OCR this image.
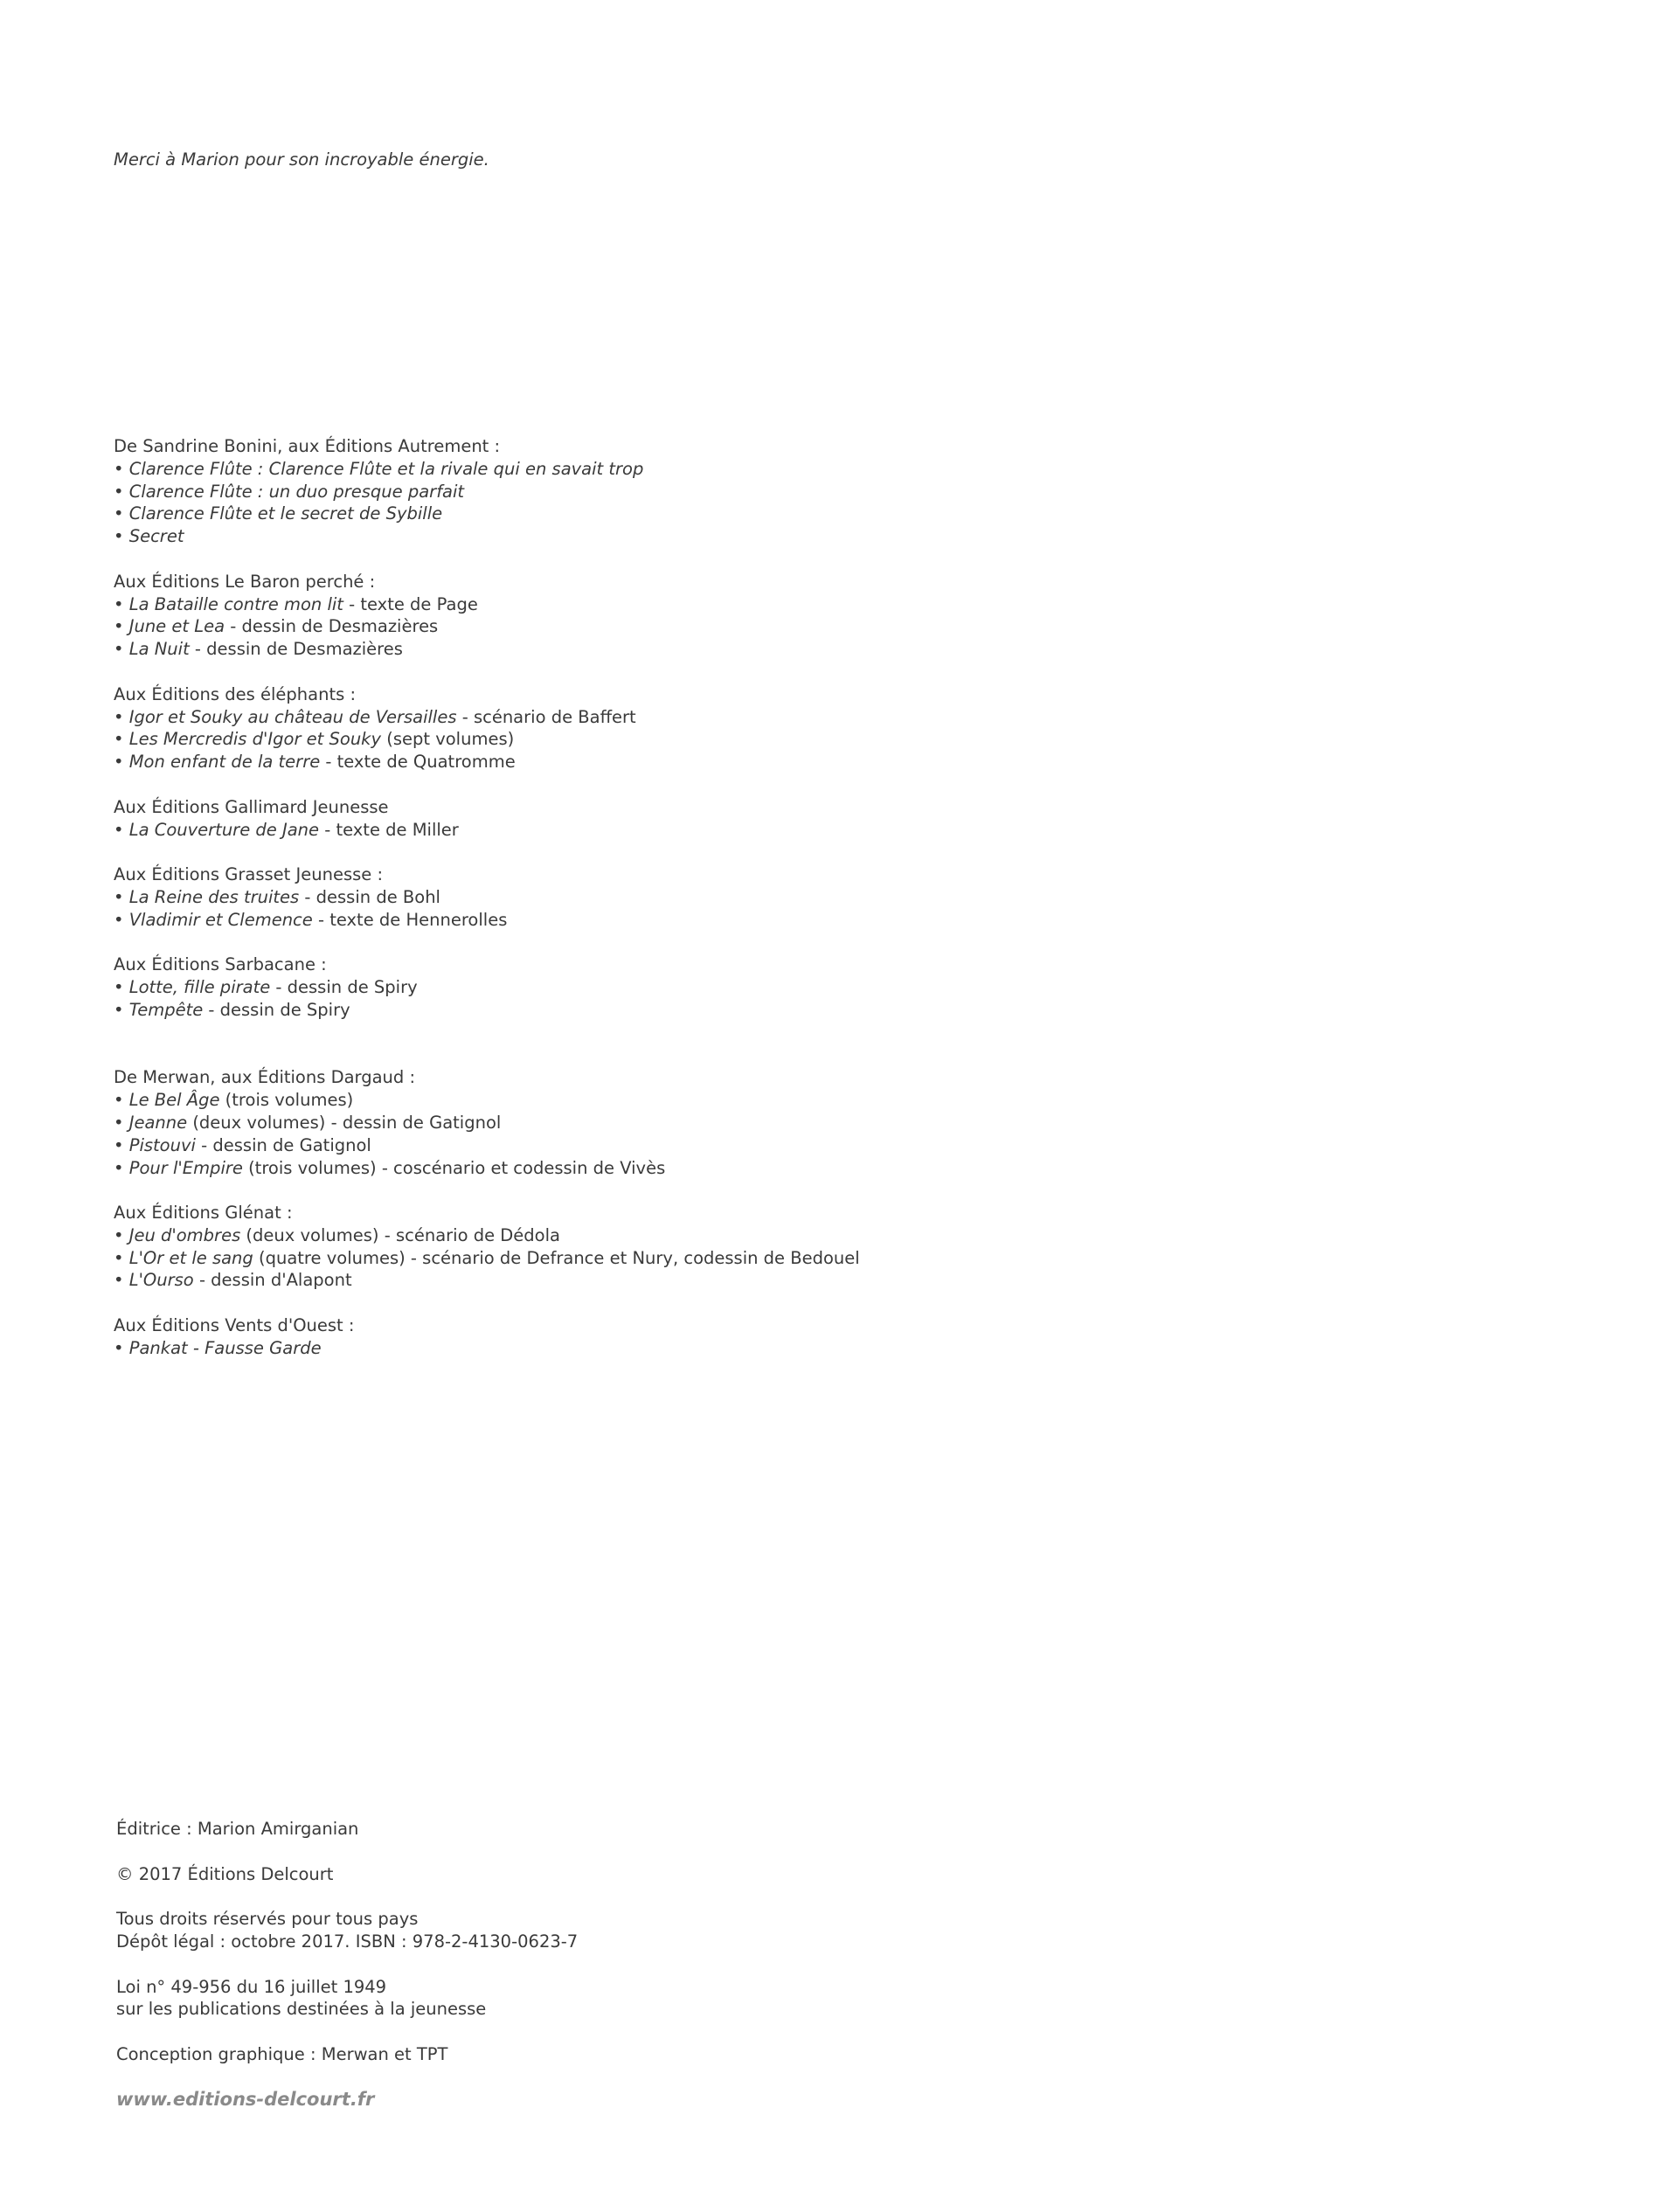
Merci à Marion pour son incroyable énergie.
De Sandrine Bonini, aux Éditions Autrement :
• Clarence Flûte : Clarence Flûte et la rivale qui en savait trop
• Clarence Flûte : un duo presque parfait
• Clarence Flûte et le secret de Sybille
• Secret
Aux Éditions Le Baron perché :
• La Bataille contre mon lit - texte de Page
• June et Lea - dessin de Desmazières
• La Nuit - dessin de Desmazières
Aux Éditions des éléphants :
• Igor et Souky au château de Versailles - scénario de Baffert
• Les Mercredis d'Igor et Souky (sept volumes)
• Mon enfant de la terre - texte de Quatromme
Aux Éditions Gallimard Jeunesse
• La Couverture de Jane - texte de Miller
Aux Éditions Grasset Jeunesse :
• La Reine des truites - dessin de Bohl
• Vladimir et Clemence - texte de Hennerolles
Aux Éditions Sarbacane :
• Lotte, fille pirate - dessin de Spiry
• Tempête - dessin de Spiry
De Merwan, aux Éditions Dargaud :
• Le Bel Âge (trois volumes)
• Jeanne (deux volumes) - dessin de Gatignol
• Pistouvi - dessin de Gatignol
• Pour l'Empire (trois volumes) - coscénario et codessin de Vivès
Aux Éditions Glénat :
• Jeu d'ombres (deux volumes) - scénario de Dédola
• L'Or et le sang (quatre volumes) - scénario de Defrance et Nury, codessin de Bedouel
• L'Ourso - dessin d'Alapont
Aux Éditions Vents d'Ouest :
• Pankat - Fausse Garde
Éditrice : Marion Amirganian
© 2017 Éditions Delcourt
Tous droits réservés pour tous pays
Dépôt légal : octobre 2017. ISBN : 978-2-4130-0623-7
Loi n° 49-956 du 16 juillet 1949
sur les publications destinées à la jeunesse
Conception graphique : Merwan et TPT
www.editions-delcourt.fr
